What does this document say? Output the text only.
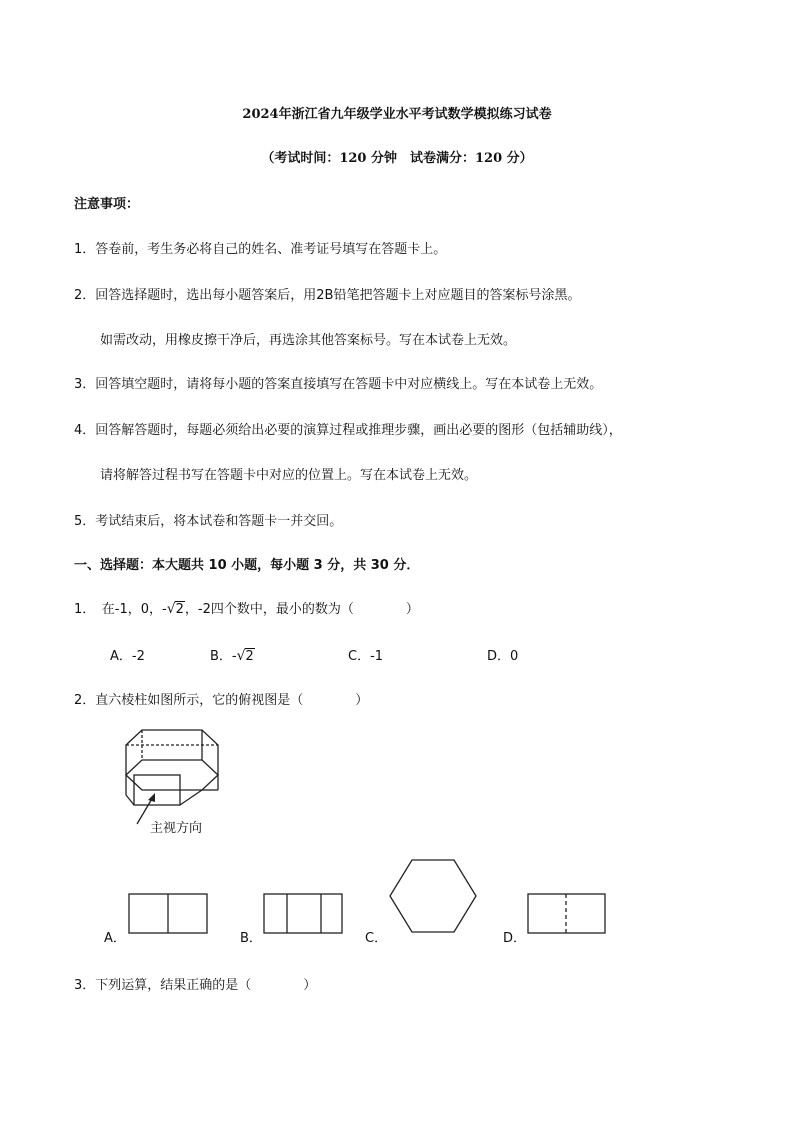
2024年浙江省九年级学业水平考试数学模拟练习试卷
（考试时间：120 分钟　试卷满分：120 分）
注意事项：
1．答卷前，考生务必将自己的姓名、准考证号填写在答题卡上。
2．回答选择题时，选出每小题答案后，用2B铅笔把答题卡上对应题目的答案标号涂黑。
如需改动，用橡皮擦干净后，再选涂其他答案标号。写在本试卷上无效。
3．回答填空题时，请将每小题的答案直接填写在答题卡中对应横线上。写在本试卷上无效。
4．回答解答题时，每题必须给出必要的演算过程或推理步骤，画出必要的图形（包括辅助线），
请将解答过程书写在答题卡中对应的位置上。写在本试卷上无效。
5．考试结束后，将本试卷和答题卡一并交回。
一、选择题：本大题共 10 小题，每小题 3 分，共 30 分．
1．　在-1，0，-√2，-2四个数中，最小的数为（　　　　）
A．-2	B．-√2	C．-1	D．0
2．直六棱柱如图所示，它的俯视图是（　　　　）
主视方向
A．	B．	C．	D．
3．下列运算，结果正确的是（　　　　）
